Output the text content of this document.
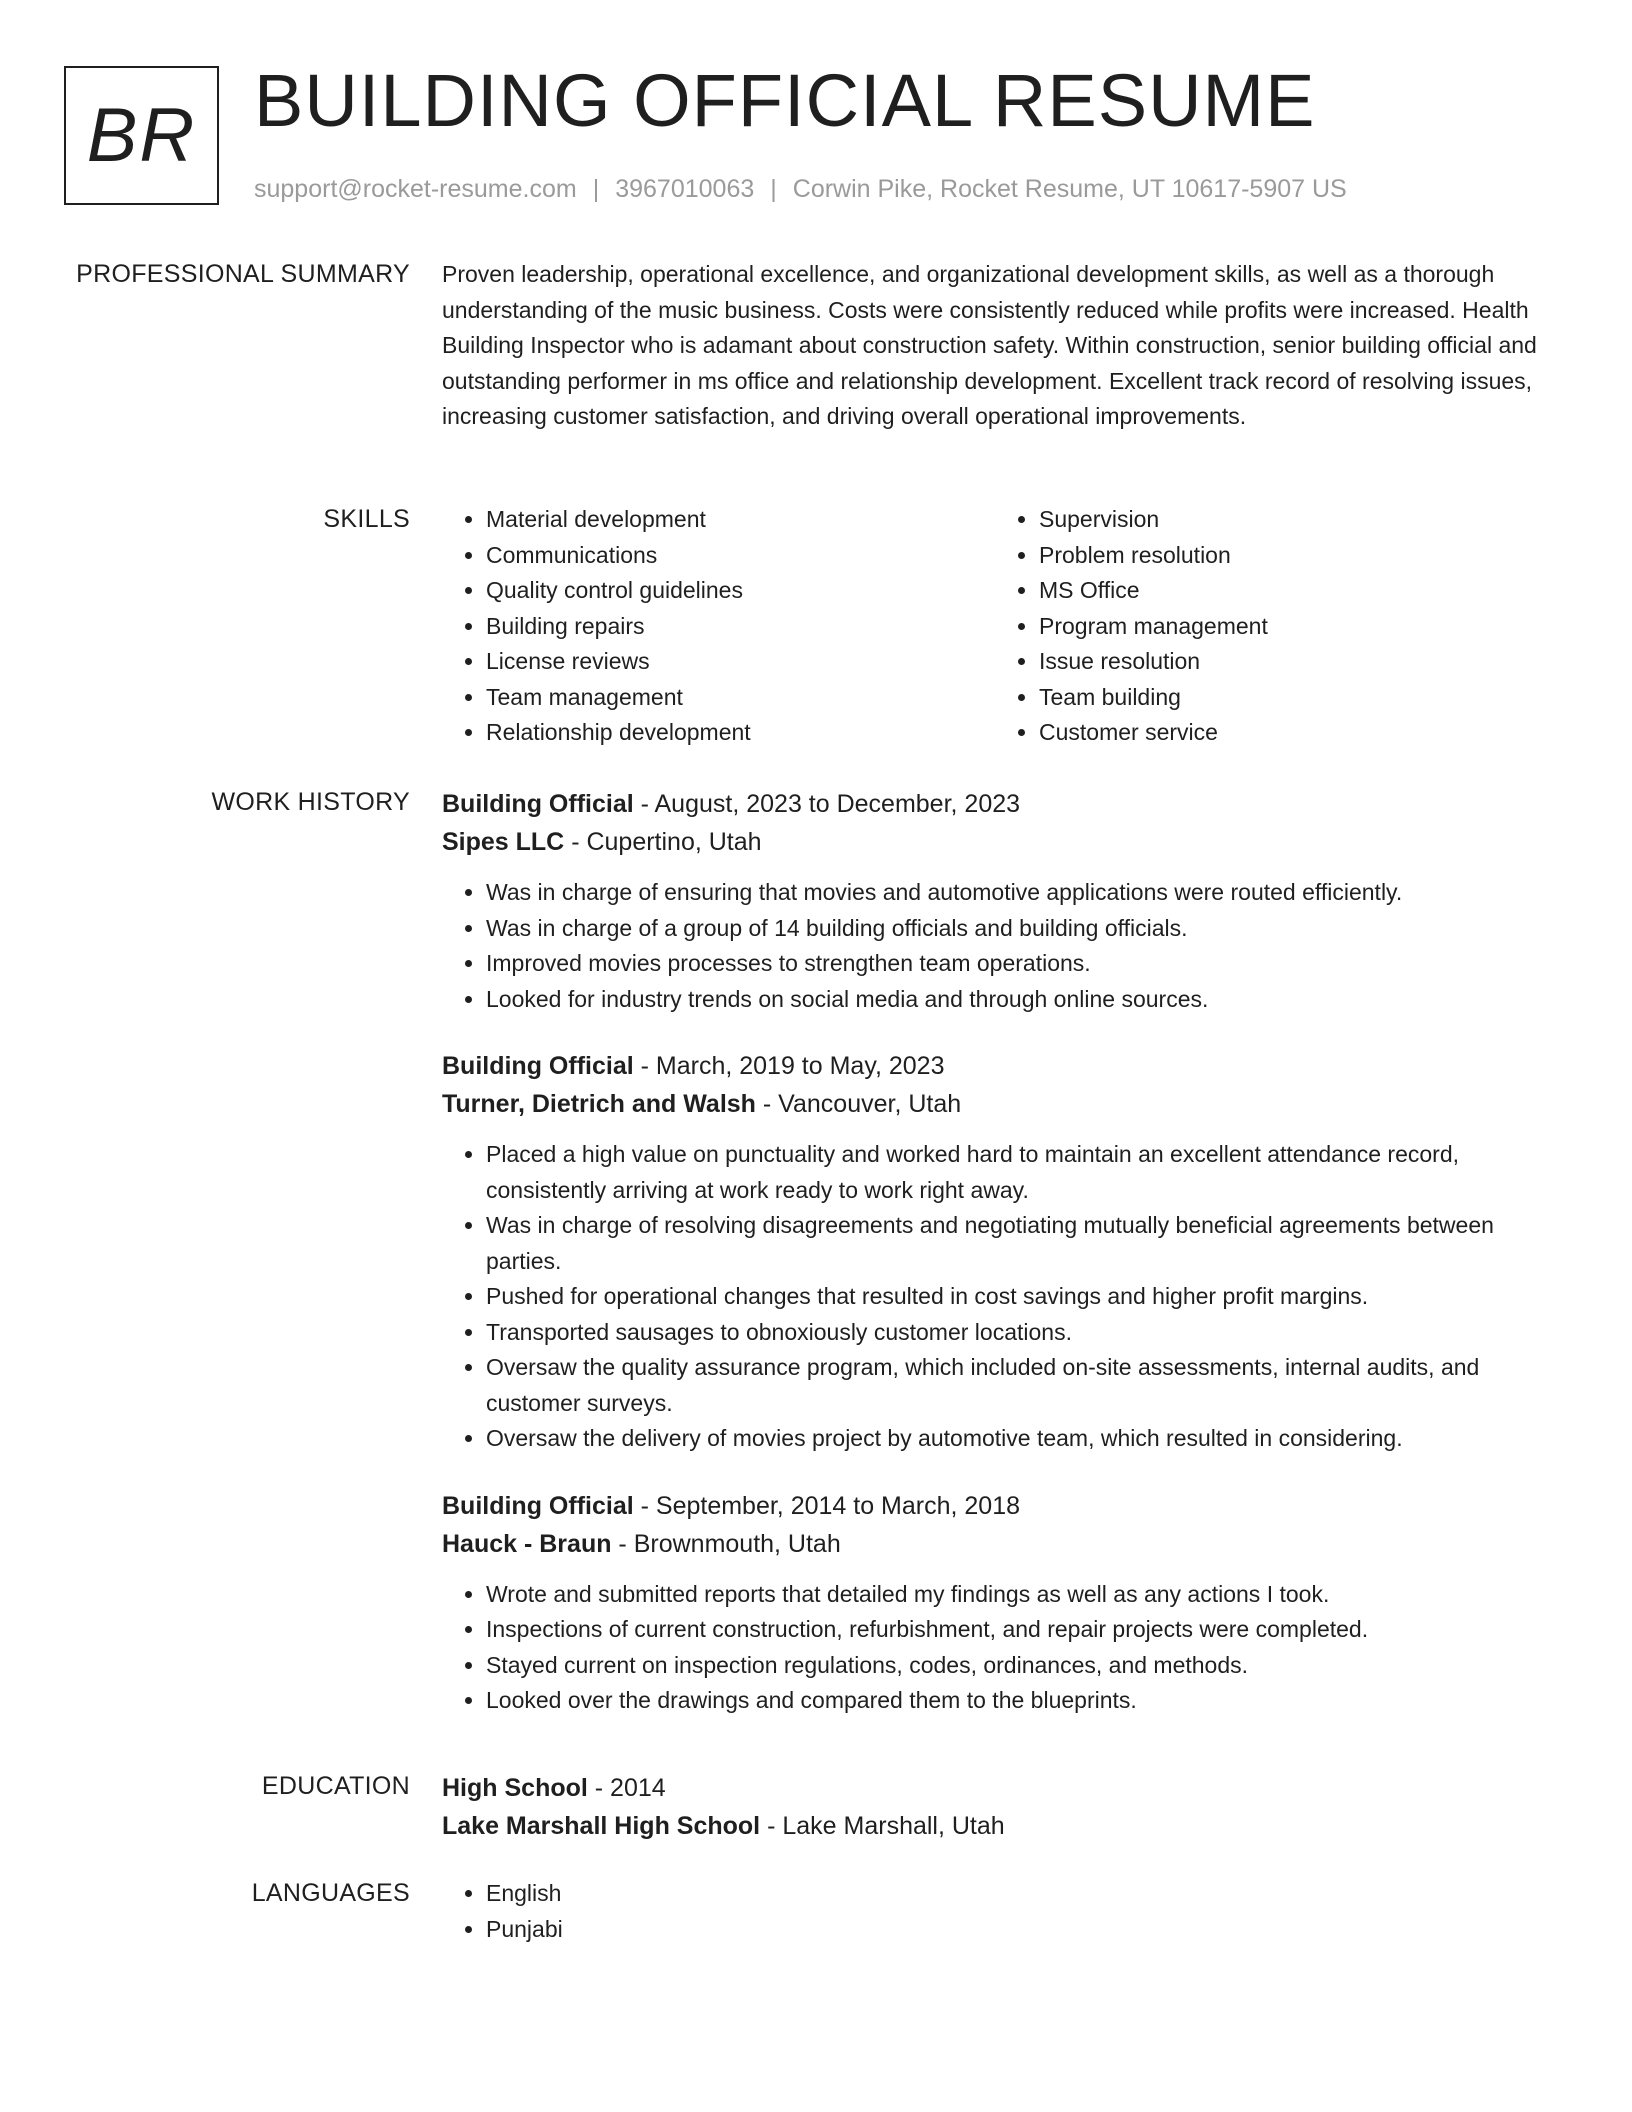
BR BUILDING OFFICIAL RESUME
support@rocket-resume.com | 3967010063 | Corwin Pike, Rocket Resume, UT 10617-5907 US
PROFESSIONAL SUMMARY Proven leadership, operational excellence, and organizational development skills, as well as a thorough understanding of the music business. Costs were consistently reduced while profits were increased. Health Building Inspector who is adamant about construction safety. Within construction, senior building official and outstanding performer in ms office and relationship development. Excellent track record of resolving issues, increasing customer satisfaction, and driving overall operational improvements.

SKILLS	• Material development
• Communications
• Quality control guidelines
• Building repairs
• License reviews
• Team management
• Relationship development
• Supervision
• Problem resolution
• MS Office
• Program management
• Issue resolution
• Team building
• Customer service
WORK HISTORY Building Official - August, 2023 to December, 2023
Sipes LLC - Cupertino, Utah
• Was in charge of ensuring that movies and automotive applications were routed efficiently.
• Was in charge of a group of 14 building officials and building officials.
• Improved movies processes to strengthen team operations.
• Looked for industry trends on social media and through online sources.
Building Official - March, 2019 to May, 2023
Turner, Dietrich and Walsh - Vancouver, Utah
• Placed a high value on punctuality and worked hard to maintain an excellent attendance record, consistently arriving at work ready to work right away.
• Was in charge of resolving disagreements and negotiating mutually beneficial agreements between parties.
• Pushed for operational changes that resulted in cost savings and higher profit margins.
• Transported sausages to obnoxiously customer locations.
• Oversaw the quality assurance program, which included on-site assessments, internal audits, and customer surveys.
• Oversaw the delivery of movies project by automotive team, which resulted in considering.
Building Official - September, 2014 to March, 2018
Hauck - Braun - Brownmouth, Utah
• Wrote and submitted reports that detailed my findings as well as any actions I took.
• Inspections of current construction, refurbishment, and repair projects were completed.
• Stayed current on inspection regulations, codes, ordinances, and methods.
• Looked over the drawings and compared them to the blueprints.
EDUCATION High School - 2014
Lake Marshall High School - Lake Marshall, Utah
LANGUAGES	• English
• Punjabi
